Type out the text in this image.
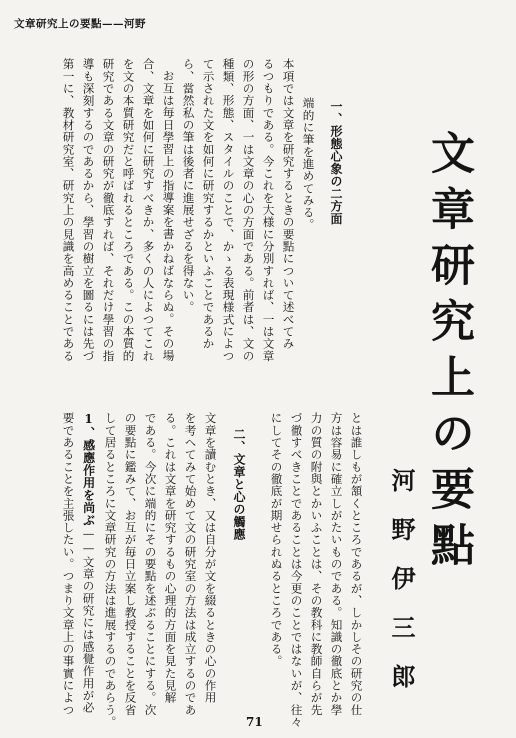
文章研究上の要點——河野
端的に筆を進めてみる。
本項では文章を研究するときの要點について述べてみ
るつもりである。今これを大様に分別すれば、一は文章
の形の方面、一は文章の心の方面である。前者は、文の
種類、形態、スタイルのことで、かゝる表現様式によつ
て示された文を如何に研究するかといふことであるか
ら、當然私の筆は後者に進展せざるを得ない。
お互は毎日學習上の指導案を書かねばならぬ。その場
合、文章を如何に研究すべきか、多くの人によつてこれ
を文の本質研究だと呼ばれるところである。この本質的
研究である文章の研究が徹底すれば、それだけ學習の指
導も深刻するのであるから、學習の樹立を圖るには先づ
第一に、教材研究室、研究上の見識を高めることである	一、形態心象の二方面 文章研究上の要點
河野伊三郎
とは誰しもが頷くところであるが、しかしその研究の仕
方は容易に確立しがたいものである。知識の徹底とか學
力の質の附與とかいふことは、その教科に教師自らが先
づ徹すべきことであることは今更のことではないが、往々
にしてその徹底が期せられぬるところである。
二、文章と心の觸應
文章を讀むとき、又は自分が文を綴るときの心の作用
を考へてみて始めて文の研究室の方法は成立するのであ
る。これは文章を研究するもの心理的方面を見た見解
である。今次に端的にその要點を述ぶることにする。次
の要點に鑑みて、お互が毎日立案し教授することを反省
して居るところに文章研究の方法は進展するのであらう。
1、感應作用を尚ぶ——文章の研究には感覺作用が必
要であることを主張したい。つまり文章上の事實によつ
71
